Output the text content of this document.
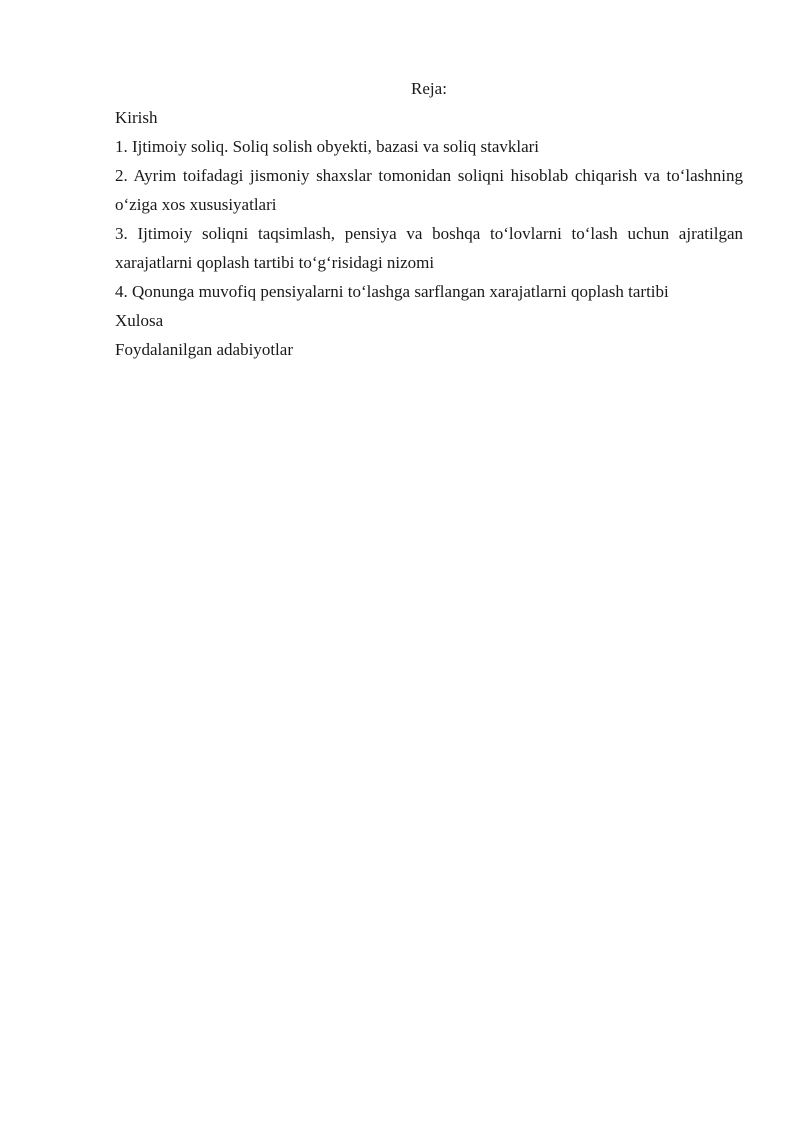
Reja:

Kirish

1. Ijtimoiy soliq. Soliq solish obyekti, bazasi va soliq stavklari

2. Ayrim toifadagi jismoniy shaxslar tomonidan soliqni hisoblab chiqarish va to‘lashning o‘ziga xos xususiyatlari

3. Ijtimoiy soliqni taqsimlash, pensiya va boshqa to‘lovlarni to‘lash uchun ajratilgan xarajatlarni qoplash tartibi to‘g‘risidagi nizomi

4. Qonunga muvofiq pensiyalarni to‘lashga sarflangan xarajatlarni qoplash tartibi

Xulosa

Foydalanilgan adabiyotlar
